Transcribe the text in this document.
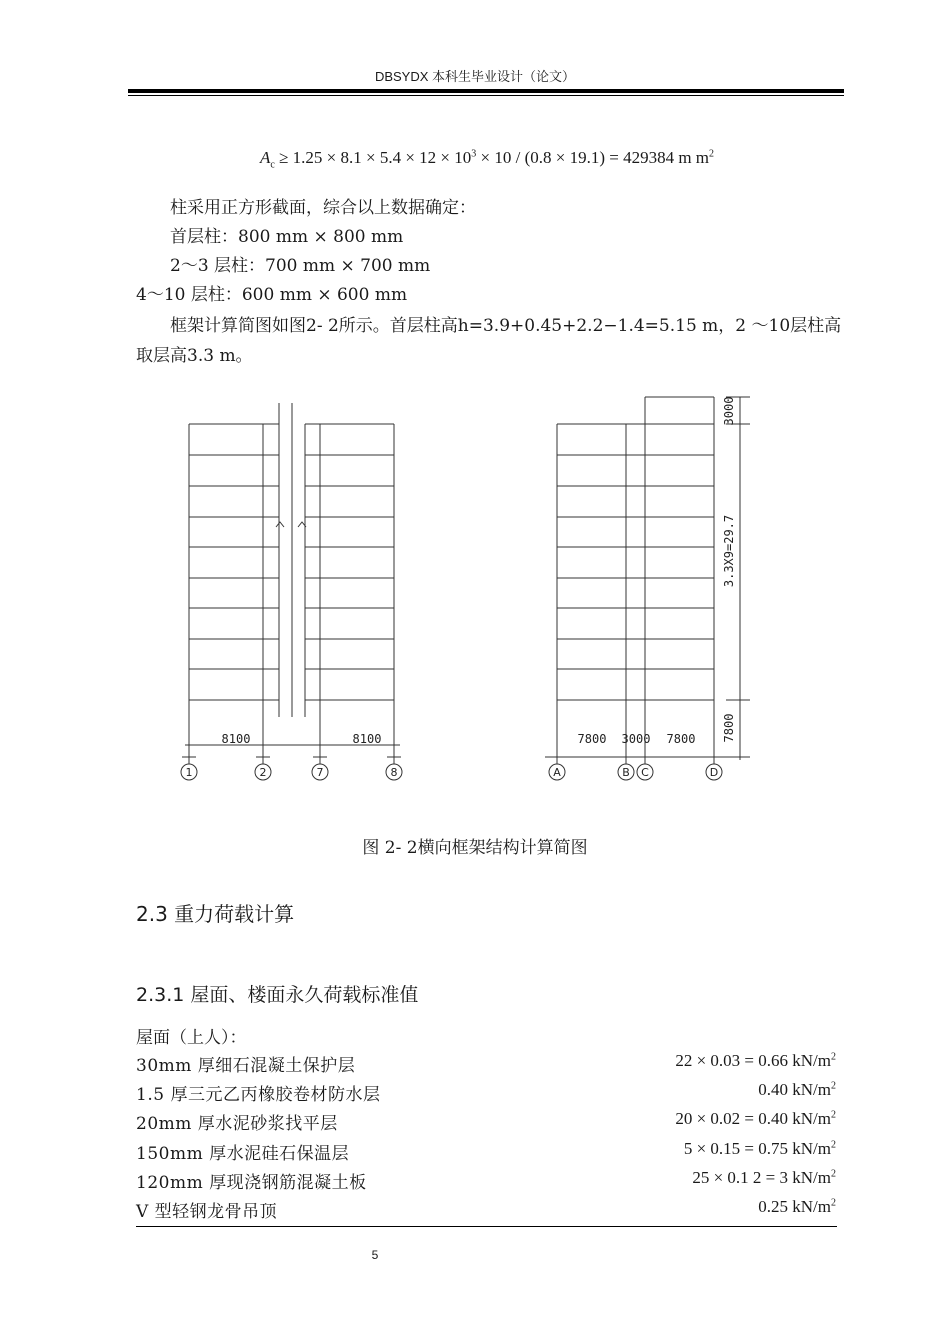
DBSYDX 本科生毕业设计（论文）
$A_c \ge 1.25 \times 8.1 \times 5.4 \times 12 \times 10^3 \times 10 / (0.8 \times 19.1) = 429384$ m $m^2$
柱采用正方形截面，综合以上数据确定：
首层柱：800 mm × 800 mm
2～3 层柱：700 mm × 700 mm
4～10 层柱：600 mm × 600 mm
框架计算简图如图2- 2所示。首层柱高h=3.9+0.45+2.2−1.4=5.15 m，2 ～10层柱高
取层高3.3 m。
8100	8100
1	2	7	8
7800 3000 7800
A	B C	D
3000
3.3X9=29.7
7800
图 2- 2横向框架结构计算简图
2.3 重力荷载计算
2.3.1 屋面、楼面永久荷载标准值
屋面（上人）：
30mm 厚细石混凝土保护层	22 × 0.03 = 0.66 $kN/m^2$
1.5 厚三元乙丙橡胶卷材防水层	0.40 $kN/m^2$
20mm 厚水泥砂浆找平层	20 × 0.02 = 0.40 $kN/m^2$
150mm 厚水泥硅石保温层	5 × 0.15 = 0.75 $kN/m^2$
120mm 厚现浇钢筋混凝土板	25 × 0.1 2 = 3 $kN/m^2$
V 型轻钢龙骨吊顶	0.25 $kN/m^2$
5
